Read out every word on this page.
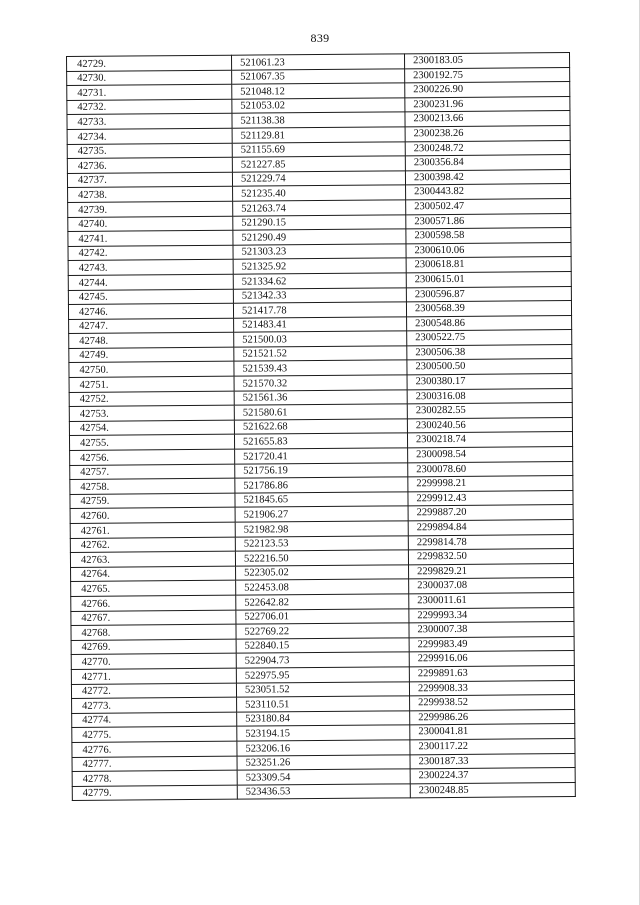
839
42729.	521061.23	2300183.05
42730.	521067.35	2300192.75
42731.	521048.12	2300226.90
42732.	521053.02	2300231.96
42733.	521138.38	2300213.66
42734.	521129.81	2300238.26
42735.	521155.69	2300248.72
42736.	521227.85	2300356.84
42737.	521229.74	2300398.42
42738.	521235.40	2300443.82
42739.	521263.74	2300502.47
42740.	521290.15	2300571.86
42741.	521290.49	2300598.58
42742.	521303.23	2300610.06
42743.	521325.92	2300618.81
42744.	521334.62	2300615.01
42745.	521342.33	2300596.87
42746.	521417.78	2300568.39
42747.	521483.41	2300548.86
42748.	521500.03	2300522.75
42749.	521521.52	2300506.38
42750.	521539.43	2300500.50
42751.	521570.32	2300380.17
42752.	521561.36	2300316.08
42753.	521580.61	2300282.55
42754.	521622.68	2300240.56
42755.	521655.83	2300218.74
42756.	521720.41	2300098.54
42757.	521756.19	2300078.60
42758.	521786.86	2299998.21
42759.	521845.65	2299912.43
42760.	521906.27	2299887.20
42761.	521982.98	2299894.84
42762.	522123.53	2299814.78
42763.	522216.50	2299832.50
42764.	522305.02	2299829.21
42765.	522453.08	2300037.08
42766.	522642.82	2300011.61
42767.	522706.01	2299993.34
42768.	522769.22	2300007.38
42769.	522840.15	2299983.49
42770.	522904.73	2299916.06
42771.	522975.95	2299891.63
42772.	523051.52	2299908.33
42773.	523110.51	2299938.52
42774.	523180.84	2299986.26
42775.	523194.15	2300041.81
42776.	523206.16	2300117.22
42777.	523251.26	2300187.33
42778.	523309.54	2300224.37
42779.	523436.53	2300248.85
